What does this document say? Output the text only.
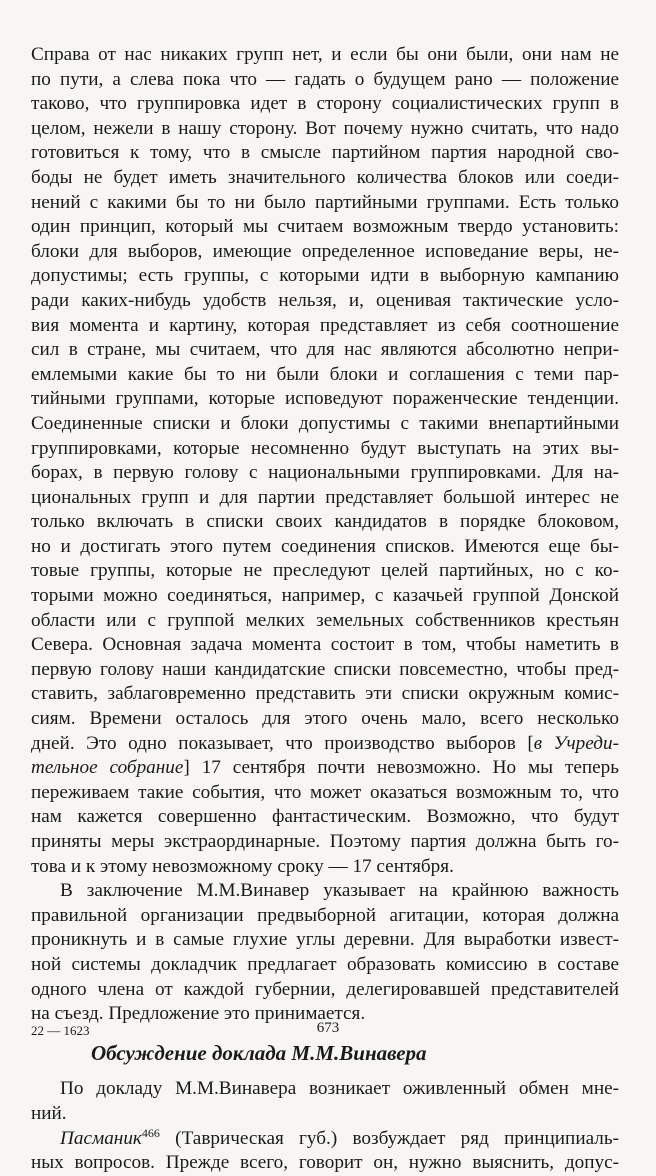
Справа от нас никаких групп нет, и если бы они были, они нам не
по пути, а слева пока что — гадать о будущем рано — положение
таково, что группировка идет в сторону социалистических групп в
целом, нежели в нашу сторону. Вот почему нужно считать, что надо
готовиться к тому, что в смысле партийном партия народной сво-
боды не будет иметь значительного количества блоков или соеди-
нений с какими бы то ни было партийными группами. Есть только
один принцип, который мы считаем возможным твердо установить:
блоки для выборов, имеющие определенное исповедание веры, не-
допустимы; есть группы, с которыми идти в выборную кампанию
ради каких-нибудь удобств нельзя, и, оценивая тактические усло-
вия момента и картину, которая представляет из себя соотношение
сил в стране, мы считаем, что для нас являются абсолютно непри-
емлемыми какие бы то ни были блоки и соглашения с теми пар-
тийными группами, которые исповедуют пораженческие тенденции.
Соединенные списки и блоки допустимы с такими внепартийными
группировками, которые несомненно будут выступать на этих вы-
борах, в первую голову с национальными группировками. Для на-
циональных групп и для партии представляет большой интерес не
только включать в списки своих кандидатов в порядке блоковом,
но и достигать этого путем соединения списков. Имеются еще бы-
товые группы, которые не преследуют целей партийных, но с ко-
торыми можно соединяться, например, с казачьей группой Донской
области или с группой мелких земельных собственников крестьян
Севера. Основная задача момента состоит в том, чтобы наметить в
первую голову наши кандидатские списки повсеместно, чтобы пред-
ставить, заблаговременно представить эти списки окружным комис-
сиям. Времени осталось для этого очень мало, всего несколько
дней. Это одно показывает, что производство выборов [в Учреди-
тельное собрание] 17 сентября почти невозможно. Но мы теперь
переживаем такие события, что может оказаться возможным то, что
нам кажется совершенно фантастическим. Возможно, что будут
приняты меры экстраординарные. Поэтому партия должна быть го-
това и к этому невозможному сроку — 17 сентября.
В заключение М.М.Винавер указывает на крайнюю важность
правильной организации предвыборной агитации, которая должна
проникнуть и в самые глухие углы деревни. Для выработки извест-
ной системы докладчик предлагает образовать комиссию в составе
одного члена от каждой губернии, делегировавшей представителей
на съезд. Предложение это принимается.
Обсуждение доклада М.М.Винавера
По докладу М.М.Винавера возникает оживленный обмен мне-
ний.
Пасманик$^{466}$ (Таврическая губ.) возбуждает ряд принципиаль-
ных вопросов. Прежде всего, говорит он, нужно выяснить, допус-
22 — 1623	673
